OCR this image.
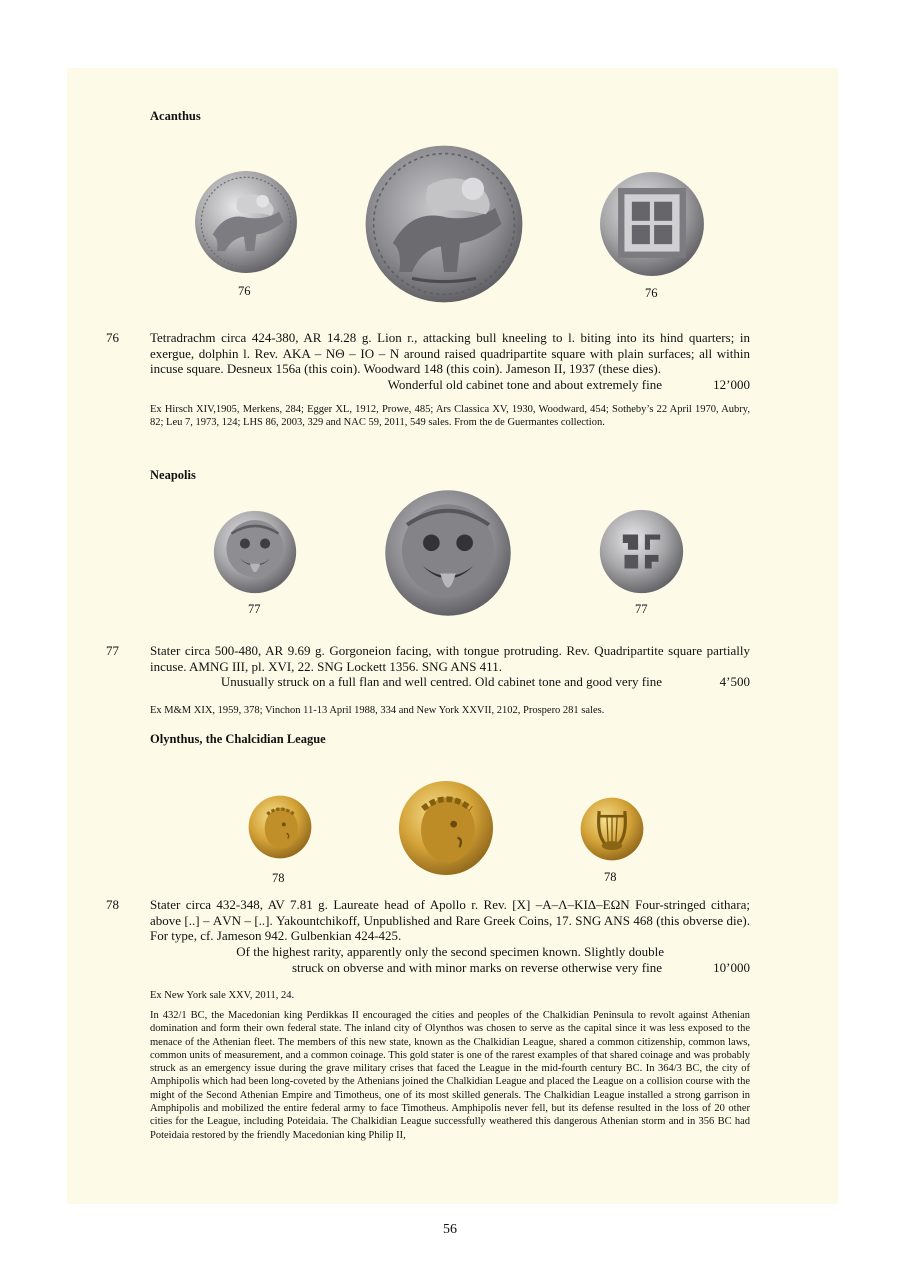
Acanthus
76	76
76 Tetradrachm circa 424-380, AR 14.28 g. Lion r., attacking bull kneeling to l. biting into its hind quarters; in exergue, dolphin l. Rev. ΑΚΑ – ΝΘ – ΙΟ – Ν around raised quadripartite square with plain surfaces; all within incuse square. Desneux 156a (this coin). Woodward 148 (this coin). Jameson II, 1937 (these dies).
Wonderful old cabinet tone and about extremely fine	12’000
Ex Hirsch XIV,1905, Merkens, 284; Egger XL, 1912, Prowe, 485; Ars Classica XV, 1930, Woodward, 454; Sotheby’s 22 April 1970, Aubry, 82; Leu 7, 1973, 124; LHS 86, 2003, 329 and NAC 59, 2011, 549 sales. From the de Guermantes collection.
Neapolis
77	77
77 Stater circa 500-480, AR 9.69 g. Gorgoneion facing, with tongue protruding. Rev. Quadripartite square partially incuse. AMNG III, pl. XVI, 22. SNG Lockett 1356. SNG ANS 411.
Unusually struck on a full flan and well centred. Old cabinet tone and good very fine	4’500
Ex M&M XIX, 1959, 378; Vinchon 11-13 April 1988, 334 and New York XXVII, 2102, Prospero 281 sales.
Olynthus, the Chalcidian League
78	78
78 Stater circa 432-348, AV 7.81 g. Laureate head of Apollo r. Rev. [Χ] –Α–Λ–ΚΙΔ–ΕΩΝ Four-stringed cithara; above [..] – ΑVΝ – [..]. Yakountchikoff, Unpublished and Rare Greek Coins, 17. SNG ANS 468 (this obverse die). For type, cf. Jameson 942. Gulbenkian 424-425.
Of the highest rarity, apparently only the second specimen known. Slightly double
struck on obverse and with minor marks on reverse otherwise very fine	10’000
Ex New York sale XXV, 2011, 24.
In 432/1 BC, the Macedonian king Perdikkas II encouraged the cities and peoples of the Chalkidian Peninsula to revolt against Athenian domination and form their own federal state. The inland city of Olynthos was chosen to serve as the capital since it was less exposed to the menace of the Athenian fleet. The members of this new state, known as the Chalkidian League, shared a common citizenship, common laws, common units of measurement, and a common coinage. This gold stater is one of the rarest examples of that shared coinage and was probably struck as an emergency issue during the grave military crises that faced the League in the mid-fourth century BC. In 364/3 BC, the city of Amphipolis which had been long-coveted by the Athenians joined the Chalkidian League and placed the League on a collision course with the might of the Second Athenian Empire and Timotheus, one of its most skilled generals. The Chalkidian League installed a strong garrison in Amphipolis and mobilized the entire federal army to face Timotheus. Amphipolis never fell, but its defense resulted in the loss of 20 other cities for the League, including Poteidaia. The Chalkidian League successfully weathered this dangerous Athenian storm and in 356 BC had Poteidaia restored by the friendly Macedonian king Philip II,
56
